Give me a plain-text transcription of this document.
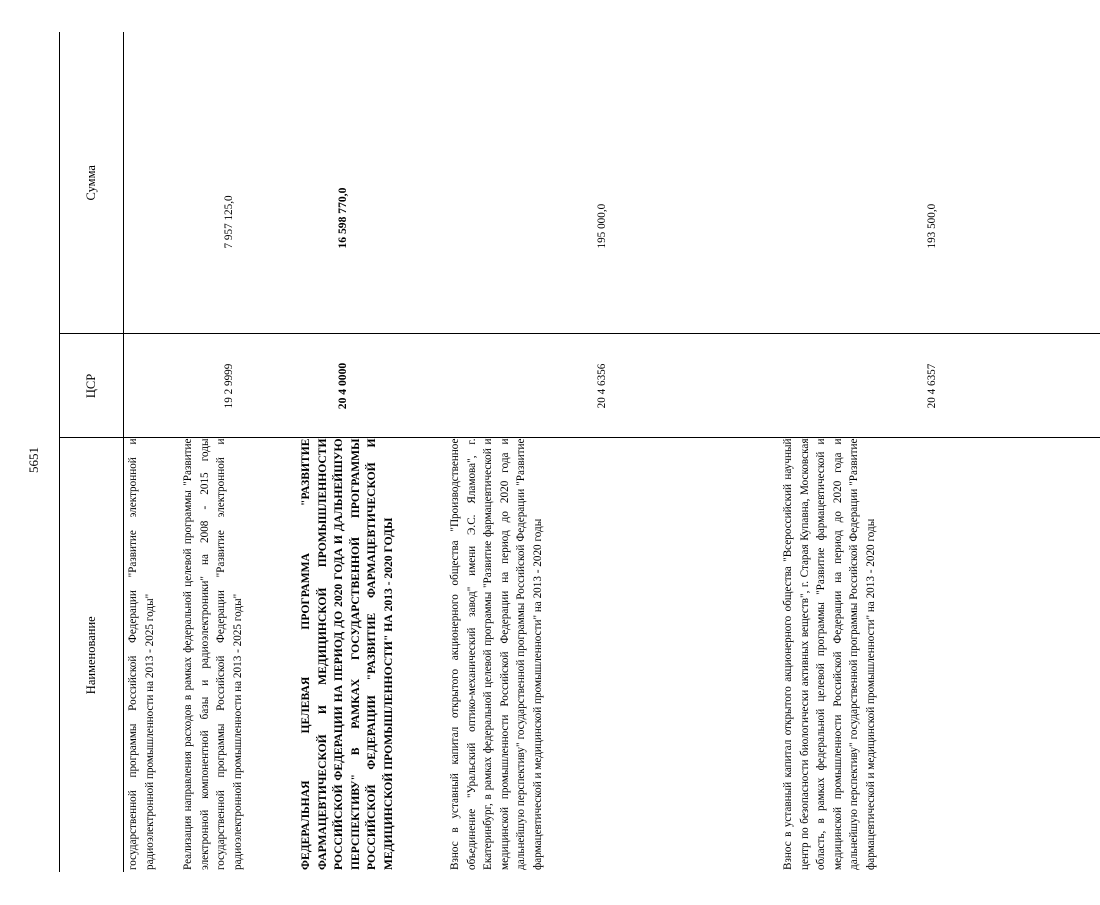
5651
Наименование	ЦСР	Сумма
государственной программы Российской Федерации "Развитие электронной и радиоэлектронной промышленности на 2013 - 2025 годы"		
Реализация направления расходов в рамках федеральной целевой программы "Развитие электронной компонентной базы и радиоэлектроники" на 2008 - 2015 годы государственной программы Российской Федерации "Развитие электронной и радиоэлектронной промышленности на 2013 - 2025 годы"	19 2 9999	7 957 125,0
ФЕДЕРАЛЬНАЯ ЦЕЛЕВАЯ ПРОГРАММА "РАЗВИТИЕ ФАРМАЦЕВТИЧЕСКОЙ И МЕДИЦИНСКОЙ ПРОМЫШЛЕННОСТИ РОССИЙСКОЙ ФЕДЕРАЦИИ НА ПЕРИОД ДО 2020 ГОДА И ДАЛЬНЕЙШУЮ ПЕРСПЕКТИВУ" В РАМКАХ ГОСУДАРСТВЕННОЙ ПРОГРАММЫ РОССИЙСКОЙ ФЕДЕРАЦИИ "РАЗВИТИЕ ФАРМАЦЕВТИЧЕСКОЙ И МЕДИЦИНСКОЙ ПРОМЫШЛЕННОСТИ" НА 2013 - 2020 ГОДЫ	20 4 0000	16 598 770,0
Взнос в уставный капитал открытого акционерного общества "Производственное объединение "Уральский оптико-механический завод" имени Э.С. Яламова", г. Екатеринбург, в рамках федеральной целевой программы "Развитие фармацевтической и медицинской промышленности Российской Федерации на период до 2020 года и дальнейшую перспективу" государственной программы Российской Федерации "Развитие фармацевтической и медицинской промышленности" на 2013 - 2020 годы	20 4 6356	195 000,0
Взнос в уставный капитал открытого акционерного общества "Всероссийский научный центр по безопасности биологически активных веществ", г. Старая Купавна, Московская область, в рамках федеральной целевой программы "Развитие фармацевтической и медицинской промышленности Российской Федерации на период до 2020 года и дальнейшую перспективу" государственной программы Российской Федерации "Развитие фармацевтической и медицинской промышленности" на 2013 - 2020 годы	20 4 6357	193 500,0
